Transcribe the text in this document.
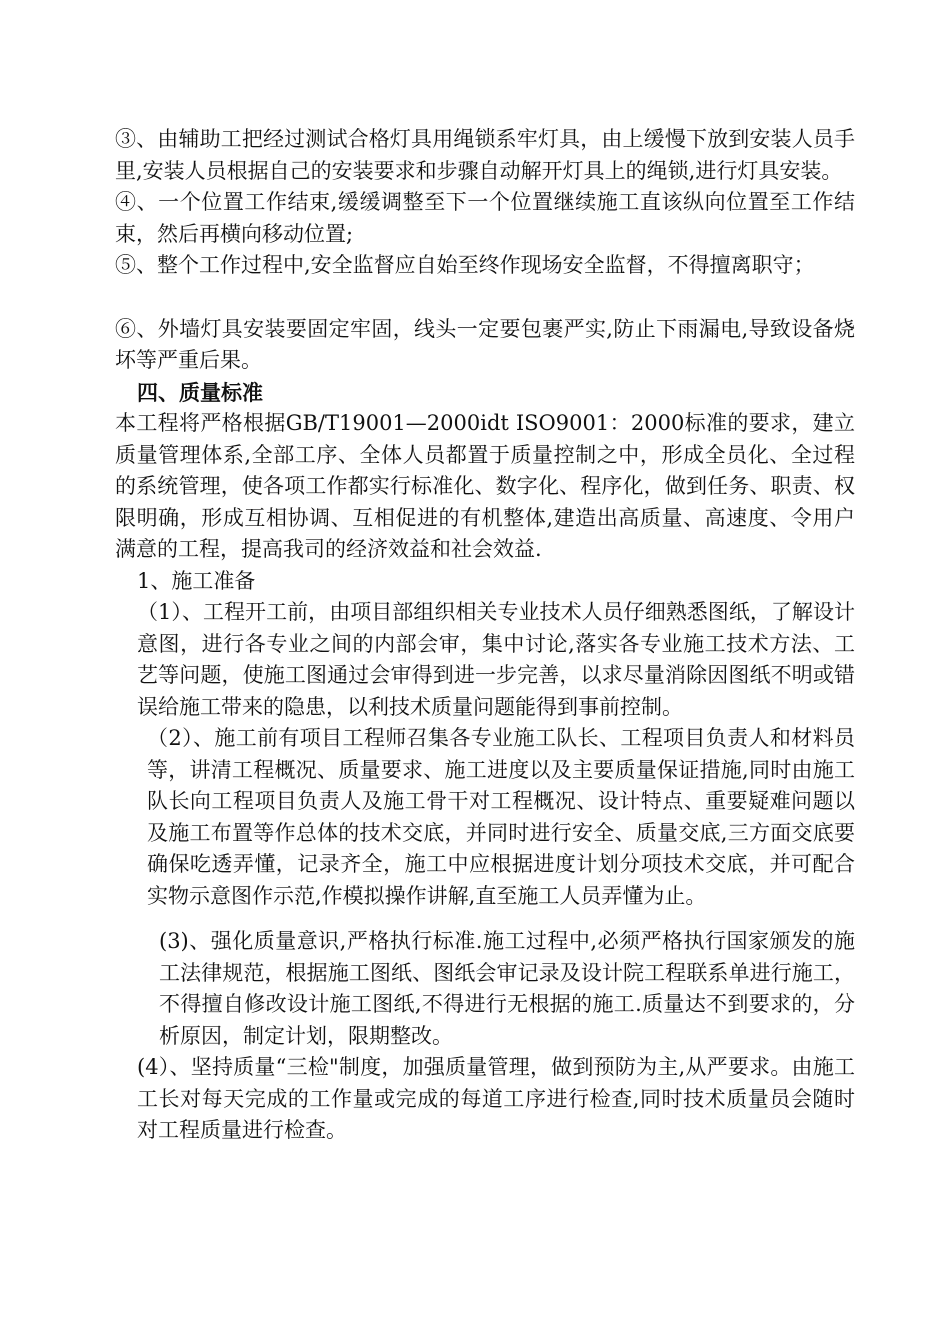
③、由辅助工把经过测试合格灯具用绳锁系牢灯具，由上缓慢下放到安装人员手里,安装人员根据自己的安装要求和步骤自动解开灯具上的绳锁,进行灯具安装。

④、一个位置工作结束,缓缓调整至下一个位置继续施工直该纵向位置至工作结束，然后再横向移动位置;

⑤、整个工作过程中,安全监督应自始至终作现场安全监督，不得擅离职守；

⑥、外墙灯具安装要固定牢固，线头一定要包裹严实,防止下雨漏电,导致设备烧坏等严重后果。

四、质量标准

本工程将严格根据GB/T19001—2000idt ISO9001：2000标准的要求，建立质量管理体系,全部工序、全体人员都置于质量控制之中，形成全员化、全过程的系统管理，使各项工作都实行标准化、数字化、程序化，做到任务、职责、权限明确，形成互相协调、互相促进的有机整体,建造出高质量、高速度、令用户满意的工程，提高我司的经济效益和社会效益.

1、施工准备

（1）、工程开工前，由项目部组织相关专业技术人员仔细熟悉图纸，了解设计意图，进行各专业之间的内部会审，集中讨论,落实各专业施工技术方法、工艺等问题，使施工图通过会审得到进一步完善，以求尽量消除因图纸不明或错误给施工带来的隐患，以利技术质量问题能得到事前控制。

（2）、施工前有项目工程师召集各专业施工队长、工程项目负责人和材料员等，讲清工程概况、质量要求、施工进度以及主要质量保证措施,同时由施工队长向工程项目负责人及施工骨干对工程概况、设计特点、重要疑难问题以及施工布置等作总体的技术交底，并同时进行安全、质量交底,三方面交底要确保吃透弄懂，记录齐全，施工中应根据进度计划分项技术交底，并可配合实物示意图作示范,作模拟操作讲解,直至施工人员弄懂为止。

(3)、强化质量意识,严格执行标准.施工过程中,必须严格执行国家颁发的施工法律规范，根据施工图纸、图纸会审记录及设计院工程联系单进行施工，不得擅自修改设计施工图纸,不得进行无根据的施工.质量达不到要求的，分析原因，制定计划，限期整改。

(4）、坚持质量“三检"制度，加强质量管理，做到预防为主,从严要求。由施工工长对每天完成的工作量或完成的每道工序进行检查,同时技术质量员会随时对工程质量进行检查。
